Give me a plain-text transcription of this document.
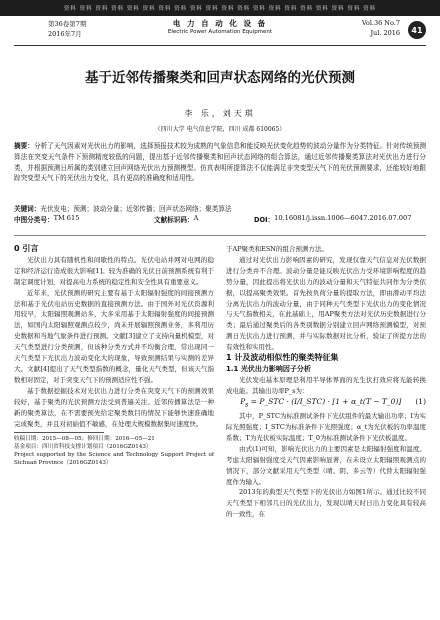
资料 资料 资料 资料 资料 资料 资料 资料 资料 资料 资料 资料 资料 资料 资料 资料 资料 资料 资料 资料
第36卷第7期
2016年7月
电 力 自 动 化 设 备
Electric Power Automation Equipment
Vol.36 No.7
Jul. 2016	41
基于近邻传播聚类和回声状态网络的光伏预测
李 乐，刘天琪
（四川大学 电气信息学院，四川 成都 610065）
摘要：分析了天气因素对光伏出力的影响，选择预报技术较为成熟的气象信息和能反映光伏变化趋势的波动分量作为分类特征。针对传统预测算法在突变天气条件下预测精度较低的问题，提出基于近邻传播聚类和回声状态网络的组合算法，通过近邻传播聚类算法对光伏出力进行分类，并根据预测日所属的类别建立回声网络光伏出力预测模型。仿真表明所提算法不仅能满足非突变型天气下的光伏预测要求，还能较好地跟踪突变型天气下的光伏出力变化，具有更高的准确度和适用性。
关键词：光伏发电；预测；波动分量；近邻传播；回声状态网络；聚类算法
中图分类号： TM 615	文献标识码： A	DOI： 10.16081/j.issn.1006—6047.2016.07.007

0 引言

光伏出力具有随机性和间歇性的特点。光伏电站并网对电网的稳定和经济运行造成很大影响[1]。较为准确的光伏日前预测系统有利于制定调度计划，对提高电力系统的稳定性和安全性具有重要意义。

近年来，光伏预测的研究主要有基于太阳辐射强度的间接预测方法和基于光伏电站历史数据的直接预测方法。由于国外对光伏资源利用较早，太阳辐照观测站多，大多采用基于太阳辐射强度的间接预测法，如国内太阳辐照观测点较少，尚未开展辐照预测业务，多利用历史数据和当地气象条件进行预测。文献[3]建立了支持向量机模型，对天气类型进行分类预测，但该种分类方式并不均衡合理，常出现同一天气类型下光伏出力波动变化大的现象，导致预测结果与实测的差异大。文献[4]提出了天气类型指数的概念，量化天气类型，但该天气指数相对固定，对于突变天气下的预测适应性不强。

基于数据挖掘技术对光伏出力进行分类在突变天气下的预测效果较好，基于聚类的光伏预测方法受到普遍关注。近邻传播算法是一种新的聚类算法，在不需要预先给定聚类数目的情况下能够快速准确地完成聚类，并且对初始值不敏感，在处理大规模数据集时速度快。

收稿日期：2015—08—05；修回日期：2016—05—21

基金项目：四川省科技支撑计划项目（2016GZ0143）

Project supported by the Science and Technology Support Project of Sichuan Province（2016GZ0143）

于AP聚类和ESN的组合预测方法。

通过对光伏出力影响因素的研究，发现仅靠天气信息对光伏数据进行分类并不合理。波动分量是能反映光伏出力受环境影响程度的趋势分量，因此提出将光伏出力的波动分量和天气特征共同作为分类依据，以提高聚类效果。首先按负荷分量的提取方法，即由滑动平均法分离光伏出力的波动分量，由于同种天气类型下光伏出力的变化情况与天气指数相关，在此基础上，用AP聚类方法对光伏历史数据进行分类；最后通过聚类后的各类别数据分别建立回声网络预测模型，对预测日光伏出力进行预测，并与实际数据对比分析，验证了所提方法的有效性和实用性。

1 计及波动相似性的聚类特征集

1.1 光伏出力影响因子分析

光伏发电基本原理是利用半导体界面的光生伏打效应将光能转换成电能。其输出功率P_s为：

$P_s$ = P_STC · (I/I_STC) · [1 + α_t(T − T_0)] (1)

其中，P_STC为标准测试条件下光伏组件的最大输出功率；I为实际光照强度；I_STC为标准条件下光照强度；α_t为光伏板的功率温度系数；T为光伏板实际温度；T_0为标准测试条件下光伏板温度。

由式(1)可知，影响光伏出力的主要因素是太阳辐射强度和温度。考虑太阳辐射强度受天气因素影响显著，在未设立太阳辐照观测点的情况下，部分文献采用天气类型（晴、阴、多云等）代替太阳辐射强度作为输入。

2013年的典型天气类型下的光伏出力如图1所示。通过比较不同天气类型下相邻几日的光伏出力，发现以晴天时日出力变化具有较高的一致性，在
